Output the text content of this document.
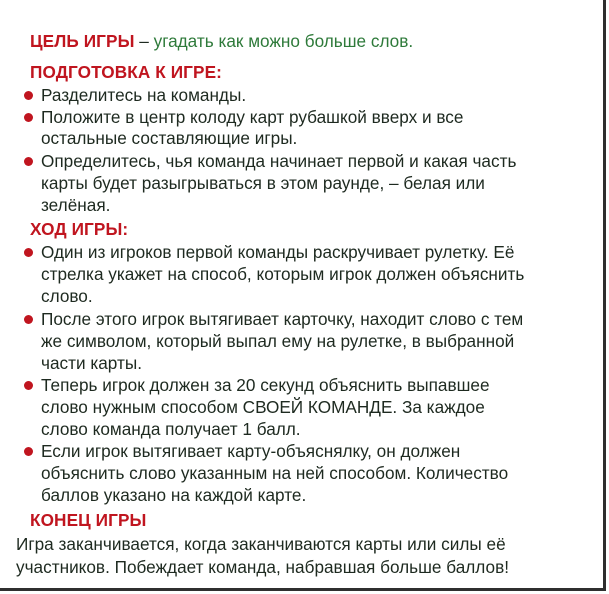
ЦЕЛЬ ИГРЫ – угадать как можно больше слов.
ПОДГОТОВКА К ИГРЕ:
Разделитесь на команды.
Положите в центр колоду карт рубашкой вверх и все
остальные составляющие игры.
Определитесь, чья команда начинает первой и какая часть
карты будет разыгрываться в этом раунде, – белая или
зелёная.
ХОД ИГРЫ:
Один из игроков первой команды раскручивает рулетку. Её
стрелка укажет на способ, которым игрок должен объяснить
слово.
После этого игрок вытягивает карточку, находит слово с тем
же символом, который выпал ему на рулетке, в выбранной
части карты.
Теперь игрок должен за 20 секунд объяснить выпавшее
слово нужным способом СВОЕЙ КОМАНДЕ. За каждое
слово команда получает 1 балл.
Если игрок вытягивает карту-объяснялку, он должен
объяснить слово указанным на ней способом. Количество
баллов указано на каждой карте.
КОНЕЦ ИГРЫ
Игра заканчивается, когда заканчиваются карты или силы её
участников. Побеждает команда, набравшая больше баллов!
